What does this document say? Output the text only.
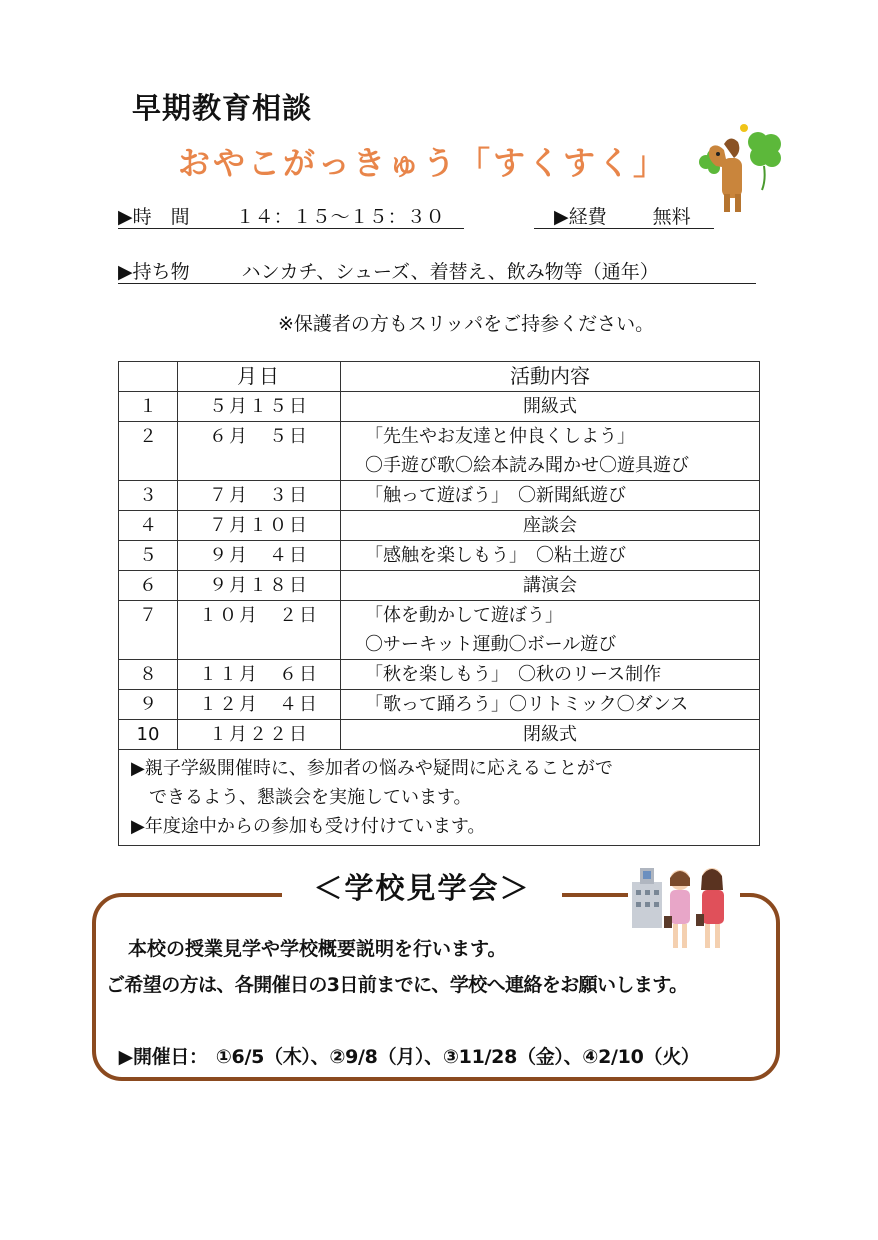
早期教育相談
おやこがっきゅう「すくすく」
▶時　間 １４：１５～１５：３０	▶経費 無料
▶持ち物	ハンカチ、シューズ、着替え、飲み物等（通年）
※保護者の方もスリッパをご持参ください。
	月日	活動内容
１	５月１５日	開級式

２	６月　５日	「先生やお友達と仲良くしよう」
〇手遊び歌〇絵本読み聞かせ〇遊具遊び

３	７月　３日	「触って遊ぼう」　〇新聞紙遊び

４	７月１０日	座談会

５	９月　４日	「感触を楽しもう」　〇粘土遊び

６	９月１８日	講演会

７	１０月　２日	「体を動かして遊ぼう」
〇サーキット運動〇ボール遊び

８	１１月　６日	「秋を楽しもう」　〇秋のリース制作

９	１２月　４日	「歌って踊ろう」〇リトミック〇ダンス

10	１月２２日	閉級式

▶親子学級開催時に、参加者の悩みや疑問に応えることがで
　できるよう、懇談会を実施しています。
▶年度途中からの参加も受け付けています。		
＜学校見学会＞
本校の授業見学や学校概要説明を行います。
ご希望の方は、各開催日の3日前までに、学校へ連絡をお願いします。

▶開催日： ①6/5（木）、②9/8（月）、③11/28（金）、④2/10（火）
